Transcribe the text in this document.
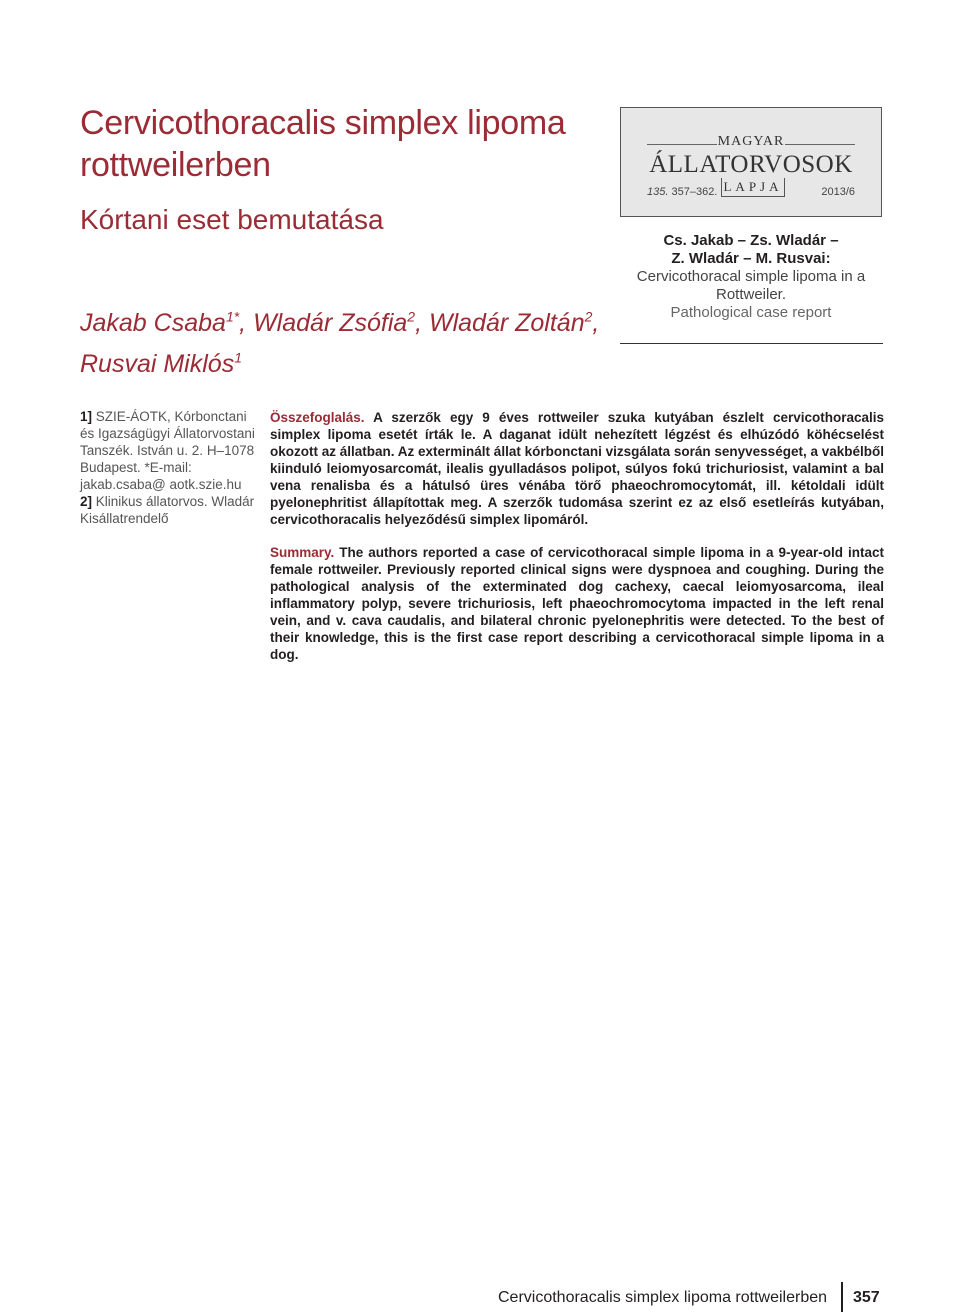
Cervicothoracalis simplex lipoma rottweilerben
Kórtani eset bemutatása

Jakab Csaba$^{1*}$, Wladár Zsófia$^2$, Wladár Zoltán$^2$,
Rusvai Miklós$^1$

MAGYAR
ÁLLATORVOSOK
135. 357–362. LAPJA	2013/6
Cs. Jakab – Zs. Wladár –
Z. Wladár – M. Rusvai:
Cervicothoracal simple lipoma in a Rottweiler.
Pathological case report
1] SZIE-ÁOTK, Kórbonctani és Igazságügyi Állatorvostani Tanszék. István u. 2. H–1078 Budapest. *E-mail: jakab.csaba@ aotk.szie.hu
2] Klinikus állatorvos. Wladár Kisállatrendelő

Összefoglalás. A szerzők egy 9 éves rottweiler szuka kutyában észlelt cervicothoracalis simplex lipoma esetét írták le. A daganat idült nehezített légzést és elhúzódó köhécselést okozott az állatban. Az exterminált állat kórbonctani vizsgálata során senyvességet, a vakbélből kiinduló leiomyosarcomát, ilealis gyulladásos polipot, súlyos fokú trichuriosist, valamint a bal vena renalisba és a hátulsó üres vénába törő phaeochromocytomát, ill. kétoldali idült pyelonephritist állapítottak meg. A szerzők tudomása szerint ez az első esetleírás kutyában, cervicothoracalis helyeződésű simplex lipomáról.

Summary. The authors reported a case of cervicothoracal simple lipoma in a 9-year-old intact female rottweiler. Previously reported clinical signs were dyspnoea and coughing. During the pathological analysis of the exterminated dog cachexy, caecal leiomyosarcoma, ileal inflammatory polyp, severe trichuriosis, left phaeochromocytoma impacted in the left renal vein, and v. cava caudalis, and bilateral chronic pyelonephritis were detected. To the best of their knowledge, this is the first case report describing a cervicothoracal simple lipoma in a dog.

Cervicothoracalis simplex lipoma rottweilerben 357
